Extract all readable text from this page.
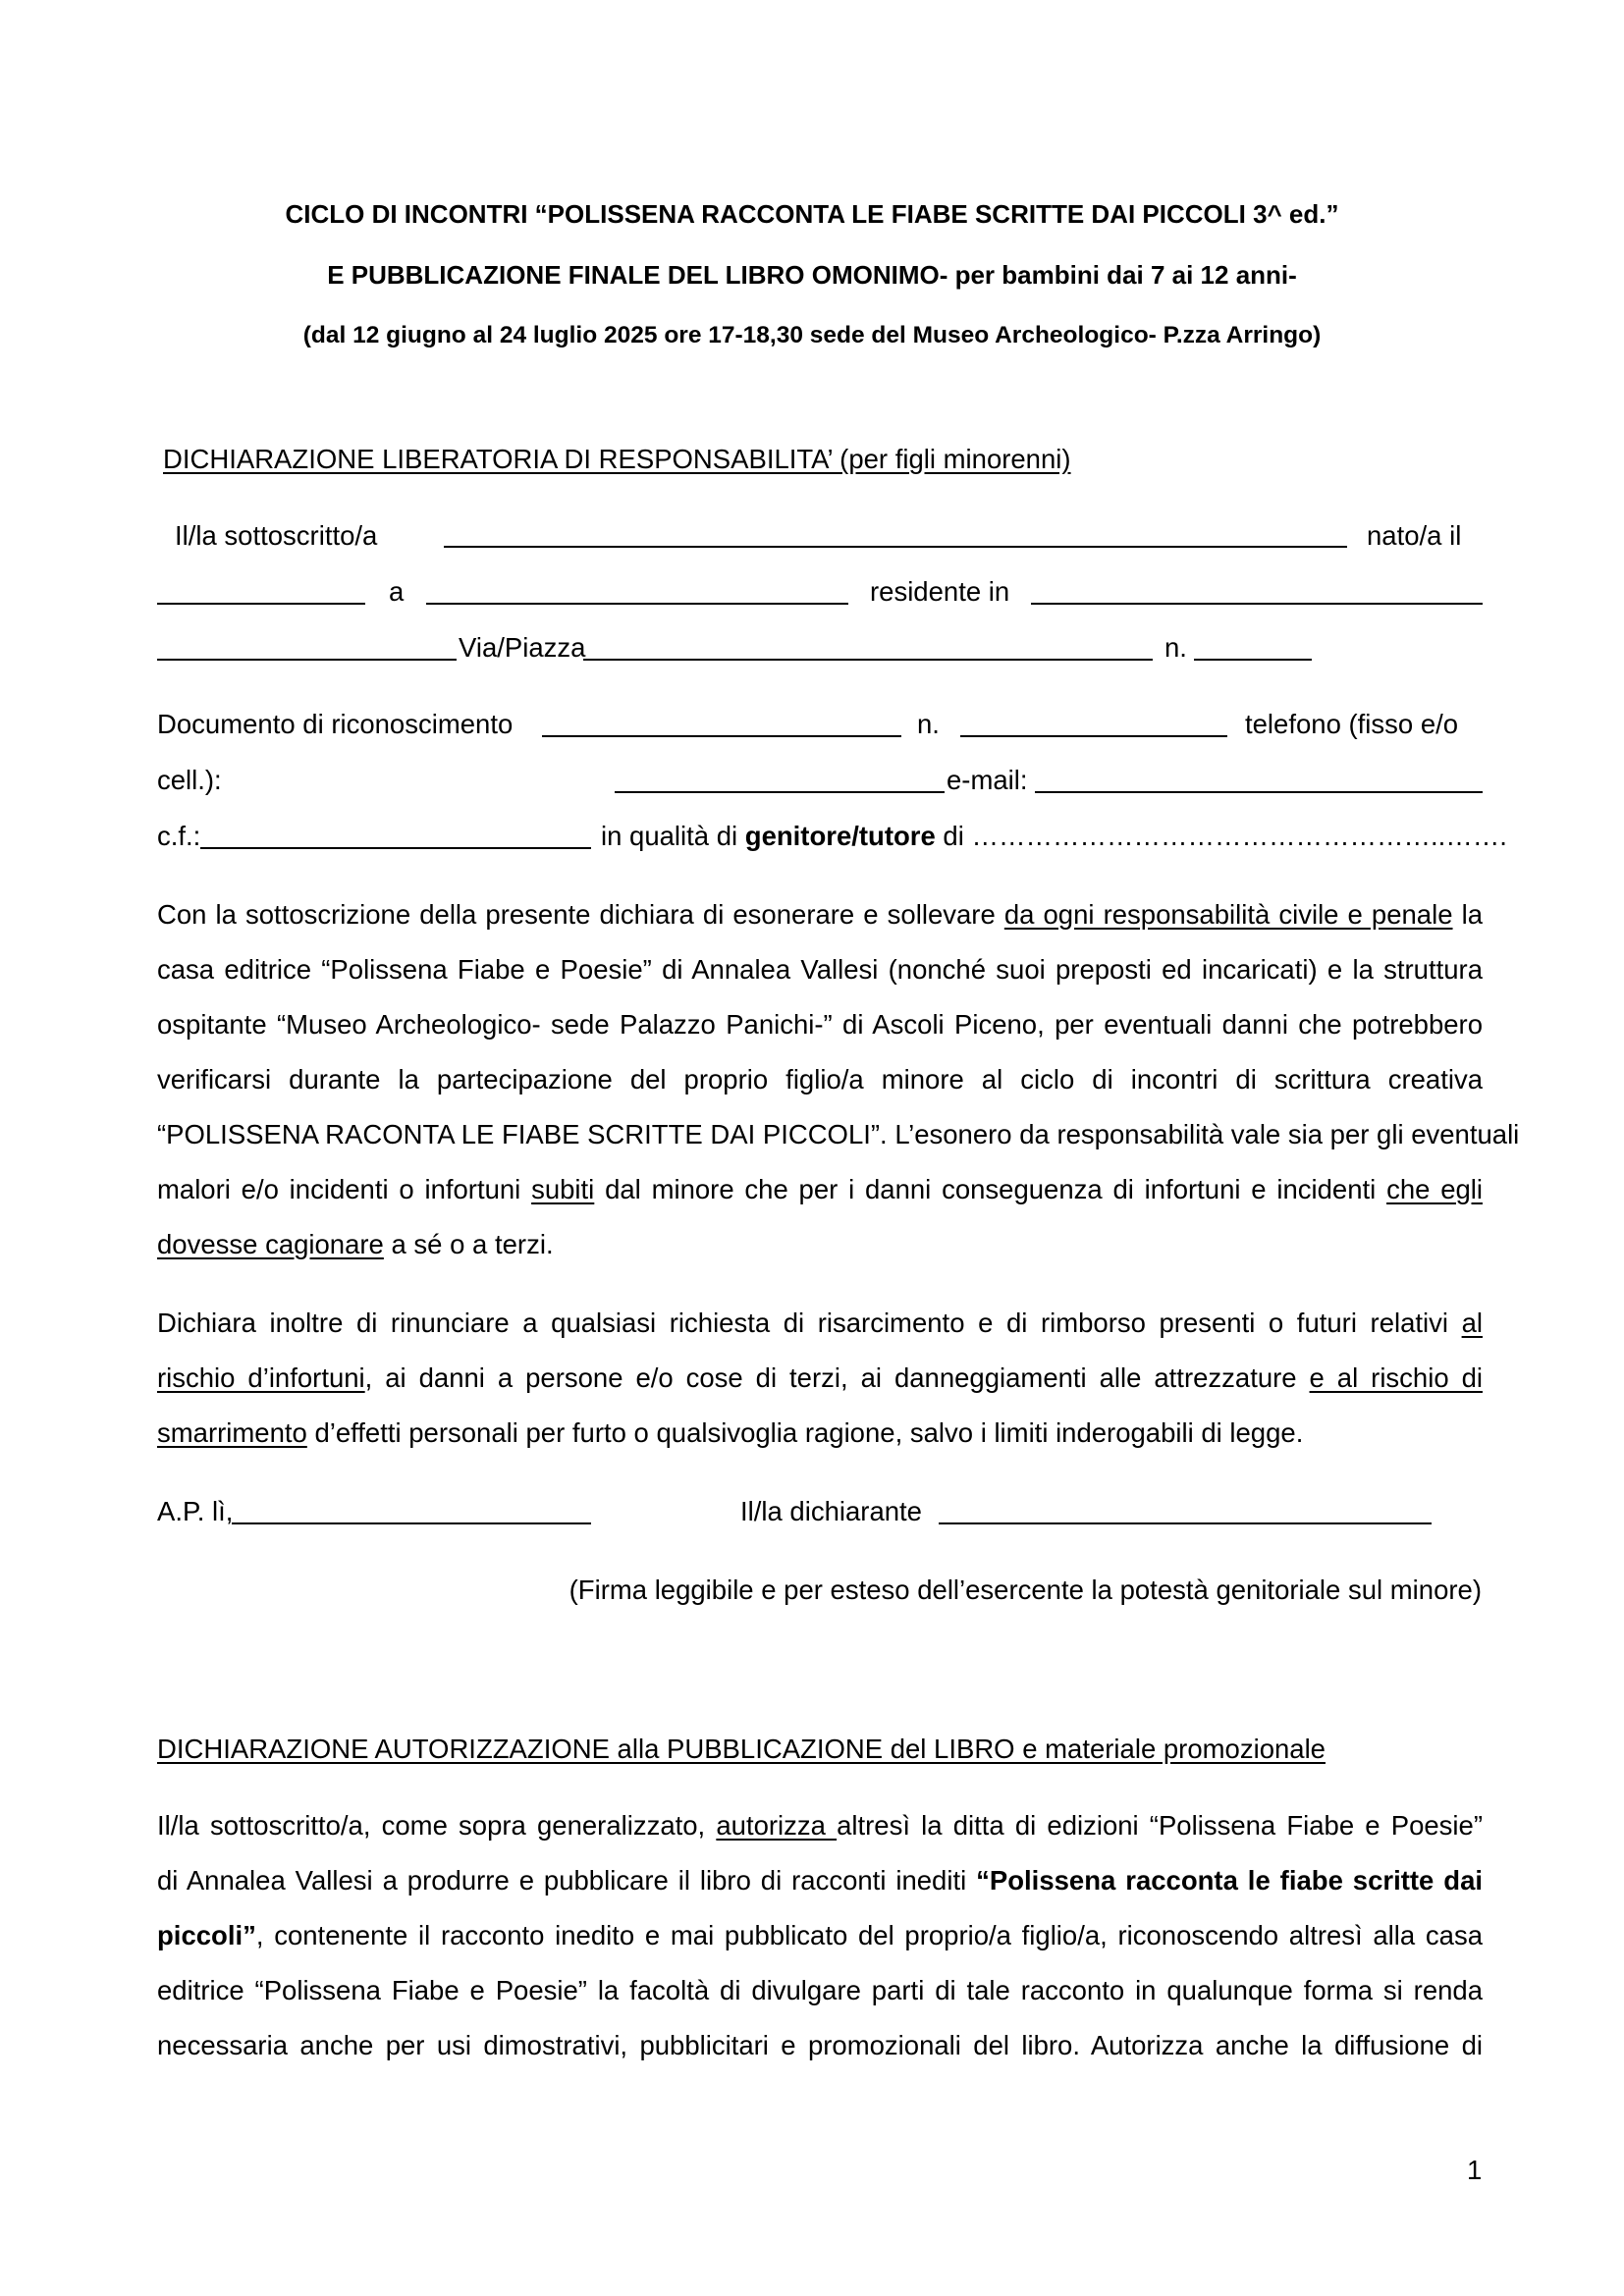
CICLO DI INCONTRI “POLISSENA RACCONTA LE FIABE SCRITTE DAI PICCOLI 3^ ed.”
E PUBBLICAZIONE FINALE DEL LIBRO OMONIMO- per bambini dai 7 ai 12 anni-
(dal 12 giugno al 24 luglio 2025 ore 17-18,30 sede del Museo Archeologico- P.zza Arringo)
DICHIARAZIONE LIBERATORIA DI RESPONSABILITA’ (per figli minorenni)
Il/la sottoscritto/a	nato/a il
a	residente in
Via/Piazza	n.
Documento di riconoscimento	n.	telefono (fisso e/o
cell.):	e-mail:
c.f.:	in qualità di genitore/tutore di ……………………………………………..…….
Con la sottoscrizione della presente dichiara di esonerare e sollevare da ogni responsabilità civile e penale la
casa editrice “Polissena Fiabe e Poesie” di Annalea Vallesi (nonché suoi preposti ed incaricati) e la struttura
ospitante “Museo Archeologico- sede Palazzo Panichi-” di Ascoli Piceno, per eventuali danni che potrebbero
verificarsi durante la partecipazione del proprio figlio/a minore al ciclo di incontri di scrittura creativa
“POLISSENA RACONTA LE FIABE SCRITTE DAI PICCOLI”. L’esonero da responsabilità vale sia per gli eventuali
malori e/o incidenti o infortuni subiti dal minore che per i danni conseguenza di infortuni e incidenti che egli
dovesse cagionare a sé o a terzi.
Dichiara inoltre di rinunciare a qualsiasi richiesta di risarcimento e di rimborso presenti o futuri relativi al
rischio d’infortuni, ai danni a persone e/o cose di terzi, ai danneggiamenti alle attrezzature e al rischio di
smarrimento d’effetti personali per furto o qualsivoglia ragione, salvo i limiti inderogabili di legge.
A.P. lì,	Il/la dichiarante
(Firma leggibile e per esteso dell’esercente la potestà genitoriale sul minore)
DICHIARAZIONE AUTORIZZAZIONE alla PUBBLICAZIONE del LIBRO e materiale promozionale
Il/la sottoscritto/a, come sopra generalizzato, autorizza altresì la ditta di edizioni “Polissena Fiabe e Poesie”
di Annalea Vallesi a produrre e pubblicare il libro di racconti inediti “Polissena racconta le fiabe scritte dai
piccoli”, contenente il racconto inedito e mai pubblicato del proprio/a figlio/a, riconoscendo altresì alla casa
editrice “Polissena Fiabe e Poesie” la facoltà di divulgare parti di tale racconto in qualunque forma si renda
necessaria anche per usi dimostrativi, pubblicitari e promozionali del libro. Autorizza anche la diffusione di
1
